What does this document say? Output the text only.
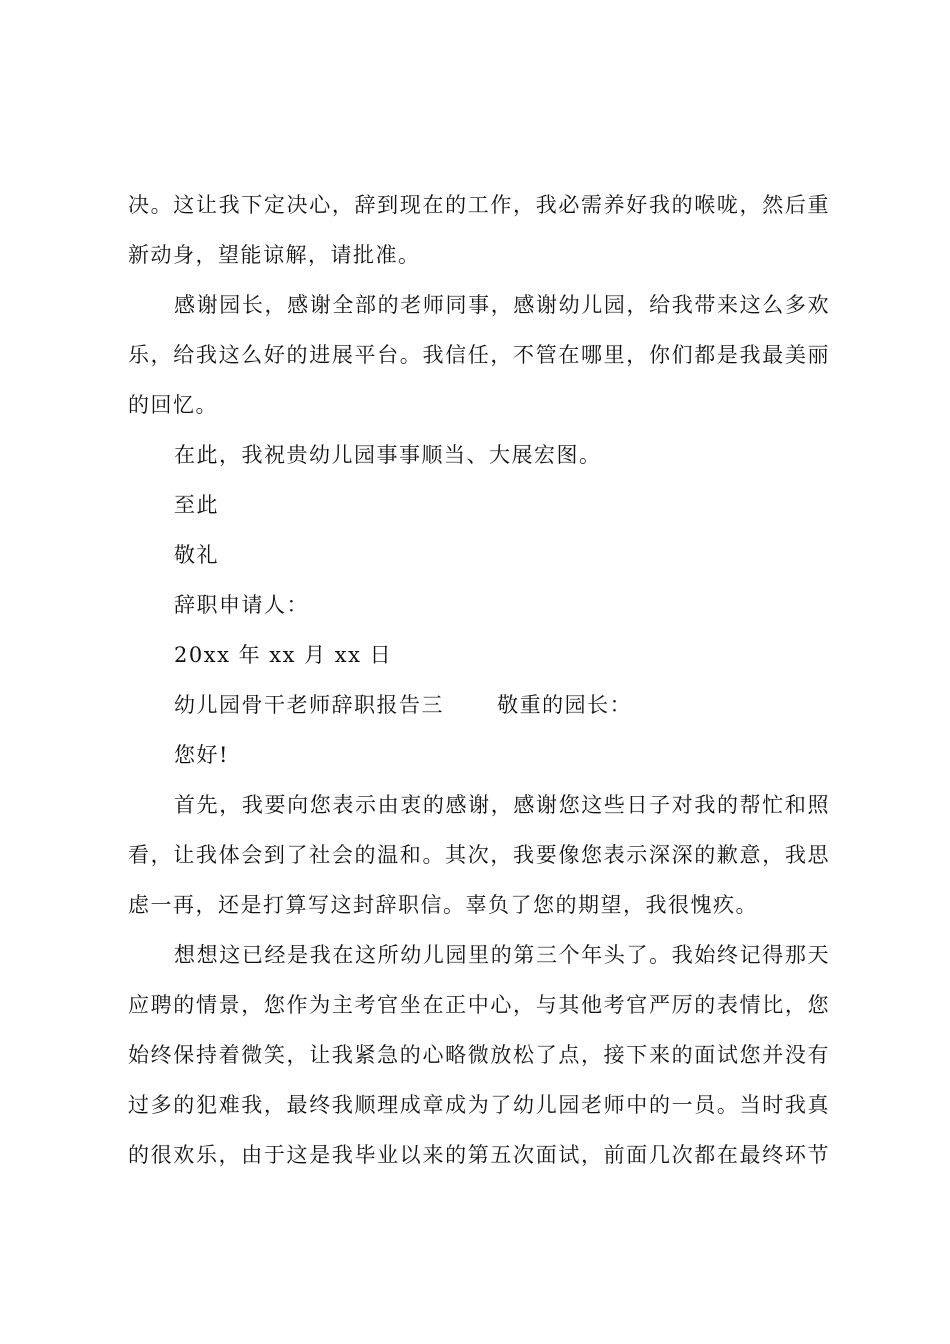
决。这让我下定决心，辞到现在的工作，我必需养好我的喉咙，然后重
新动身，望能谅解，请批准。
感谢园长，感谢全部的老师同事，感谢幼儿园，给我带来这么多欢
乐，给我这么好的进展平台。我信任，不管在哪里，你们都是我最美丽
的回忆。
在此，我祝贵幼儿园事事顺当、大展宏图。
至此
敬礼
辞职申请人：
20xx 年 xx 月 xx 日
幼儿园骨干老师辞职报告三　　 敬重的园长：
您好!
首先，我要向您表示由衷的感谢，感谢您这些日子对我的帮忙和照
看，让我体会到了社会的温和。其次，我要像您表示深深的歉意，我思
虑一再，还是打算写这封辞职信。辜负了您的期望，我很愧疚。
想想这已经是我在这所幼儿园里的第三个年头了。我始终记得那天
应聘的情景，您作为主考官坐在正中心，与其他考官严厉的表情比，您
始终保持着微笑，让我紧急的心略微放松了点，接下来的面试您并没有
过多的犯难我，最终我顺理成章成为了幼儿园老师中的一员。当时我真
的很欢乐，由于这是我毕业以来的第五次面试，前面几次都在最终环节
